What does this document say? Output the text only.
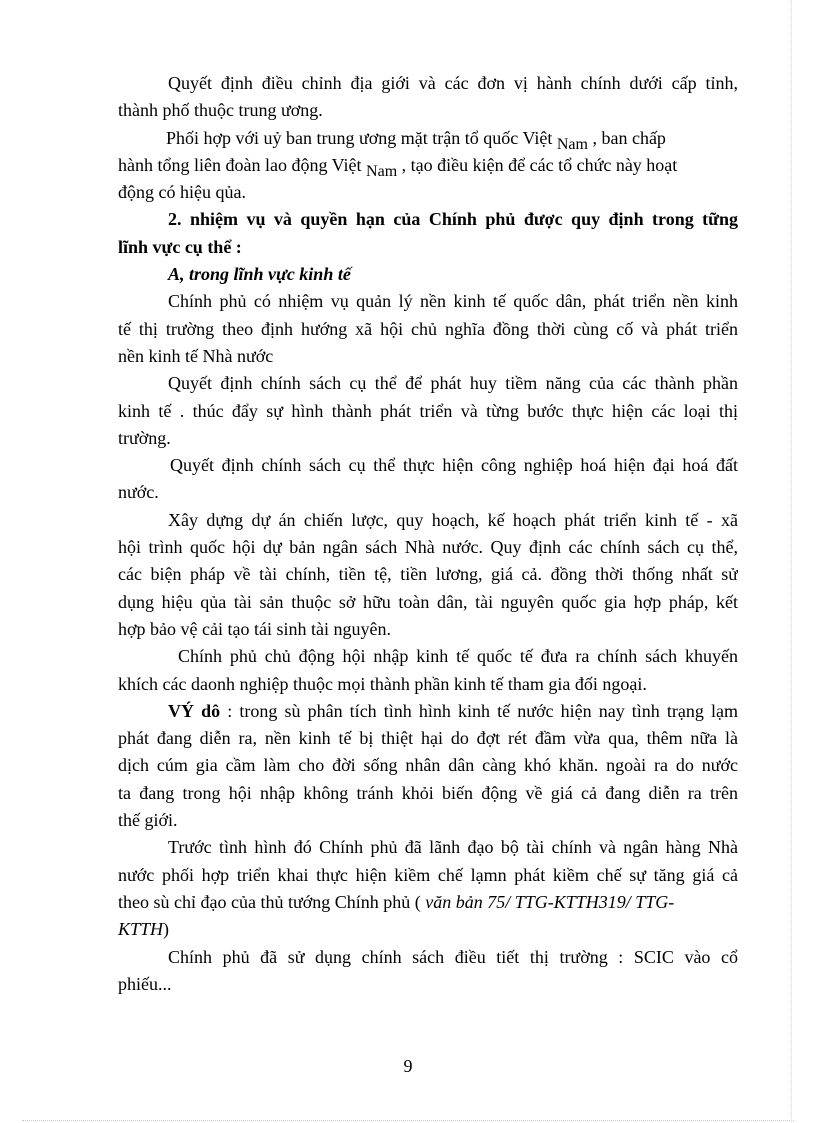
Quyết định điều chỉnh địa giới và các đơn vị hành chính dưới cấp tỉnh,
thành phố thuộc trung ương.
Phối hợp với uỷ ban trung ương mặt trận tổ quốc Việt Nam , ban chấp
hành tổng liên đoàn lao động Việt Nam , tạo điều kiện để các tổ chức này hoạt
động có hiệu qủa.
2. nhiệm vụ và quyền hạn của Chính phủ được quy định trong tững
lĩnh vực cụ thể :
A, trong lĩnh vực kinh tế
Chính phủ có nhiệm vụ quản lý nền kinh tế quốc dân, phát triển nền kinh
tế thị trường theo định hướng xã hội chủ nghĩa đồng thời cùng cố và phát triển
nền kinh tế Nhà nước
Quyết định chính sách cụ thể để phát huy tiềm năng của các thành phần
kinh tế . thúc đẩy sự hình thành phát triển và từng bước thực hiện các loại thị
trường.
Quyết định chính sách cụ thể thực hiện công nghiệp hoá hiện đại hoá đất
nước.
Xây dựng dự án chiến lược, quy hoạch, kế hoạch phát triển kinh tế - xã
hội trình quốc hội dự bản ngân sách Nhà nước. Quy định các chính sách cụ thể,
các biện pháp về tài chính, tiền tệ, tiền lương, giá cả. đồng thời thống nhất sử
dụng hiệu qủa tài sản thuộc sở hữu toàn dân, tài nguyên quốc gia hợp pháp, kết
hợp bảo vệ cải tạo tái sinh tài nguyên.
Chính phủ chủ động hội nhập kinh tế quốc tế đưa ra chính sách khuyến
khích các daonh nghiệp thuộc mọi thành phần kinh tế tham gia đối ngoại.
VÝ dô : trong sù phân tích tình hình kinh tế nước hiện nay tình trạng lạm
phát đang diễn ra, nền kinh tế bị thiệt hại do đợt rét đầm vừa qua, thêm nữa là
dịch cúm gia cầm làm cho đời sống nhân dân càng khó khăn. ngoài ra do nước
ta đang trong hội nhập không tránh khỏi biến động về giá cả đang diễn ra trên
thế giới.
Trước tình hình đó Chính phủ đã lãnh đạo bộ tài chính và ngân hàng Nhà
nước phối hợp triển khai thực hiện kiềm chế lạmn phát kiềm chế sự tăng giá cả
theo sù chỉ đạo của thủ tướng Chính phủ ( văn bản 75/ TTG-KTTH319/ TTG-
KTTH)
Chính phủ đã sử dụng chính sách điều tiết thị trường : SCIC vào cổ
phiếu...
9
